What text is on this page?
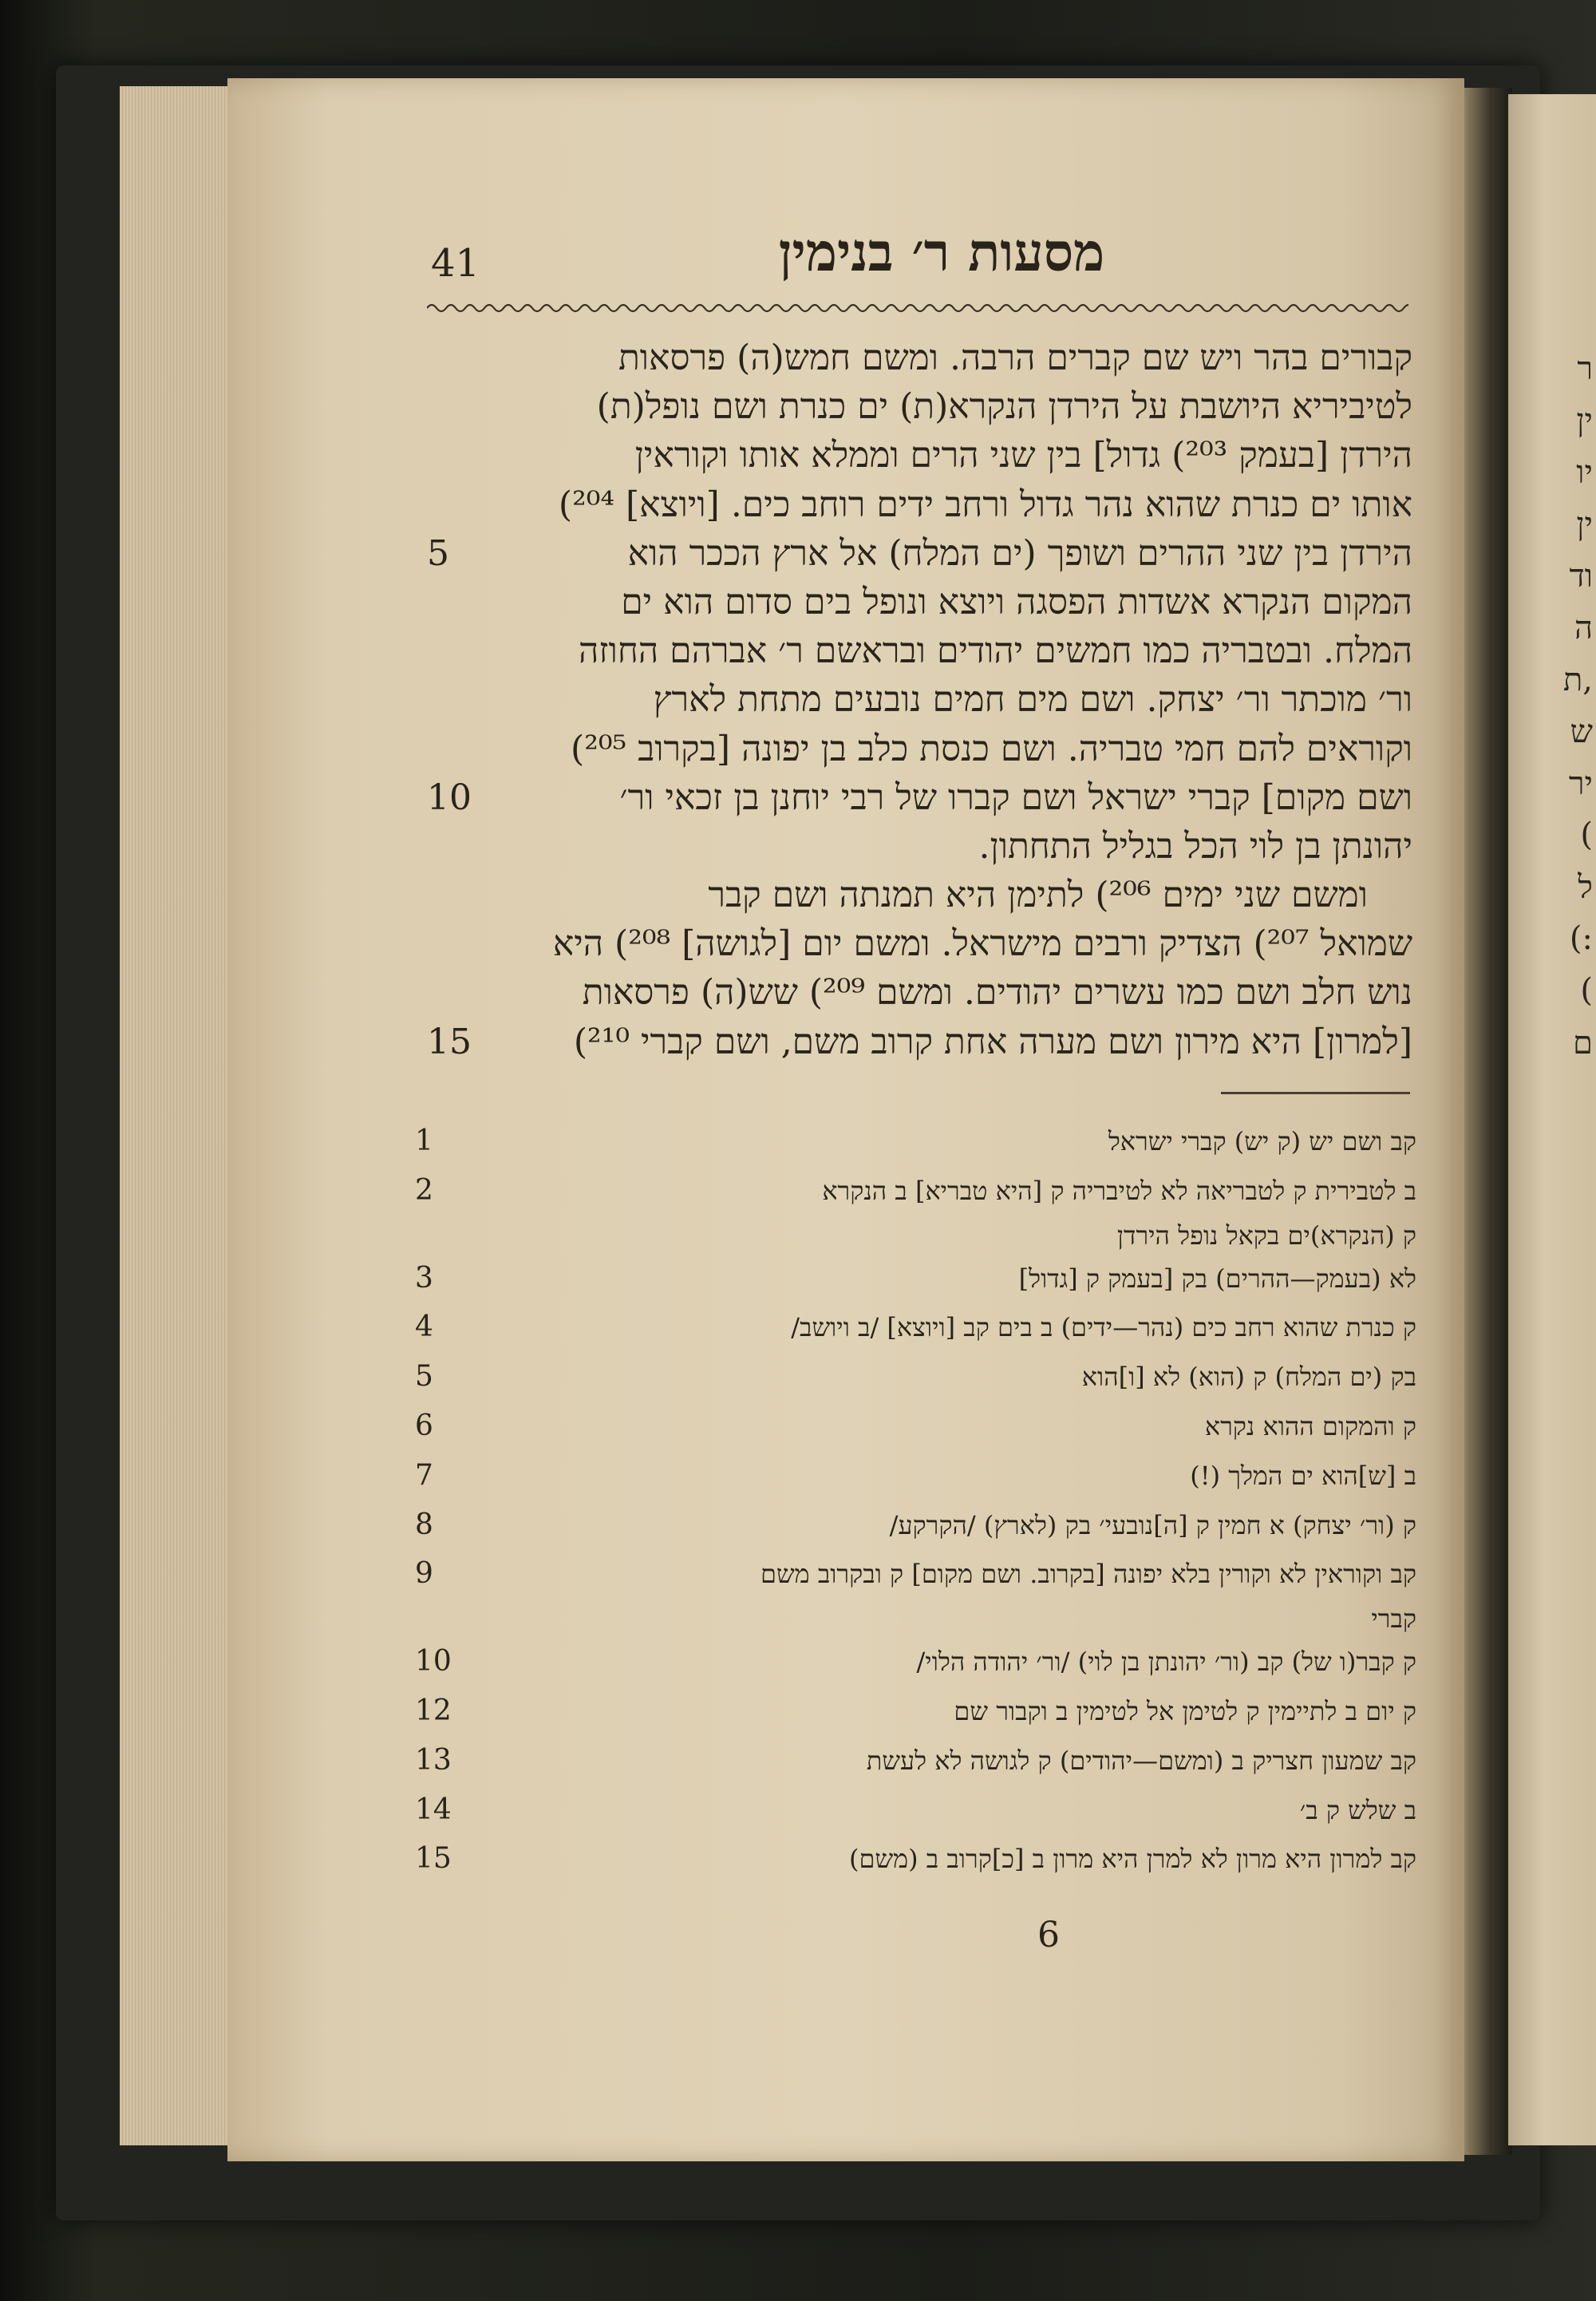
ר
ין
יו
ין
וד
ה
ת,
ש
יר
(
ל
(:
(
ם
41	מסעות ר׳ בנימין
קבורים בהר ויש שם קברים הרבה. ומשם חמש(ה) פרסאות
לטיביריא היושבת על הירדן הנקרא(ת) ים כנרת ושם נופל(ת)
הירדן [בעמק ²⁰³) גדול] בין שני הרים וממלא אותו וקוראין
אותו ים כנרת שהוא נהר גדול ורחב ידים רוחב כים. [ויוצא] ²⁰⁴)
הירדן בין שני ההרים ושופך (ים המלח) אל ארץ הככר הוא
המקום הנקרא אשדות הפסגה ויוצא ונופל בים סדום הוא ים
המלח. ובטבריה כמו חמשים יהודים ובראשם ר׳ אברהם החוזה
ור׳ מוכתר ור׳ יצחק. ושם מים חמים נובעים מתחת לארץ
וקוראים להם חמי טבריה. ושם כנסת כלב בן יפונה [בקרוב ²⁰⁵)
ושם מקום] קברי ישראל ושם קברו של רבי יוחנן בן זכאי ור׳
יהונתן בן לוי הכל בגליל התחתון.
ומשם שני ימים ²⁰⁶) לתימן היא תמנתה ושם קבר
שמואל ²⁰⁷) הצדיק ורבים מישראל. ומשם יום [לגושה] ²⁰⁸) היא
נוש חלב ושם כמו עשרים יהודים. ומשם ²⁰⁹) שש(ה) פרסאות
[למרון] היא מירון ושם מערה אחת קרוב משם, ושם קברי ²¹⁰)
5
10
15
1	קב ושם יש (ק יש) קברי ישראל
2	ב לטבירית ק לטבריאה לא לטיבריה ק [היא טבריא] ב הנקרא
ק (הנקרא)ים בקאל נופל הירדן
3	לא (בעמק—ההרים) בק [בעמק ק [גדול]
4	ק כנרת שהוא רחב כים (נהר—ידים) ב בים קב [ויוצא] /ב ויושב/
5	בק (ים המלח) ק (הוא) לא [ו]הוא
6	ק והמקום ההוא נקרא
7	ב [ש]הוא ים המלך (!)
8	ק (ור׳ יצחק) א חמין ק [ה]נובעי׳ בק (לארץ) /הקרקע/
9	קב וקוראין לא וקורין בלא יפונה [בקרוב. ושם מקום] ק ובקרוב משם
קברי
10	ק קבר(ו של) קב (ור׳ יהונתן בן לוי) /ור׳ יהודה הלוי/
12	ק יום ב לתיימין ק לטימן אל לטימין ב וקבור שם
13	קב שמעון חצריק ב (ומשם—יהודים) ק לגושה לא לעשת
14	ב שלש ק ב׳
15	קב למרון היא מרון לא למרן היא מרון ב [כ]קרוב ב (משם)
6
